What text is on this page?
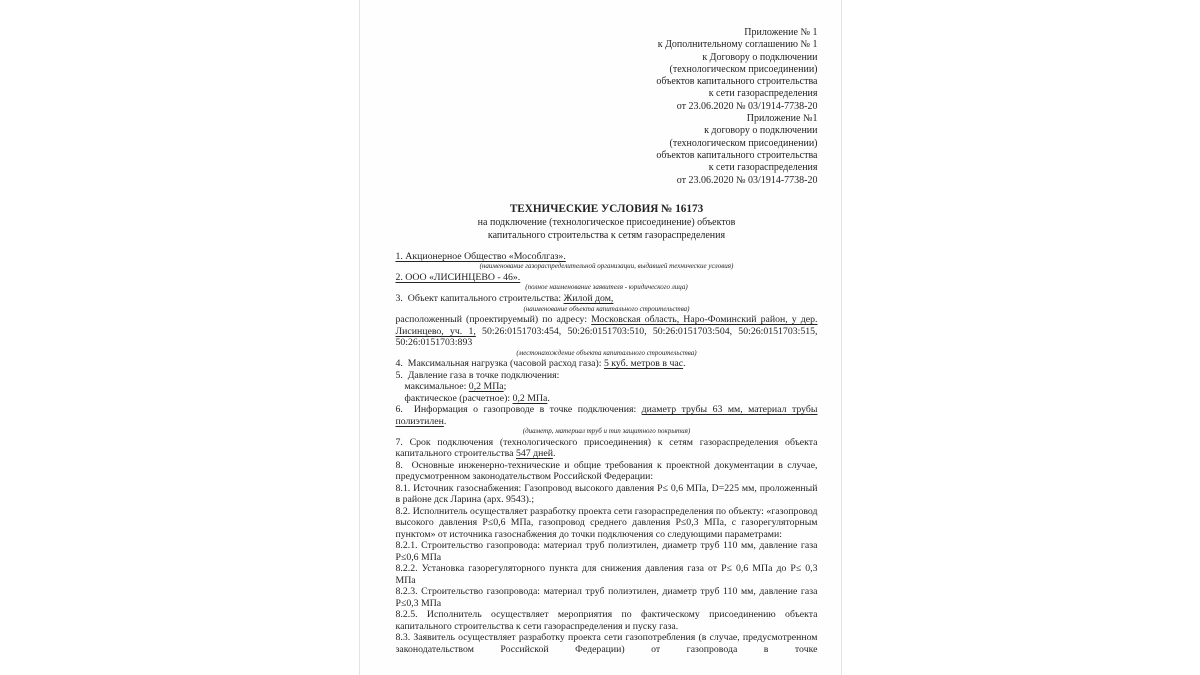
Приложение № 1
к Дополнительному соглашению № 1
к Договору о подключении
(технологическом присоединении)
объектов капитального строительства
к сети газораспределения
от 23.06.2020 № 03/1914-7738-20
Приложение №1
к договору о подключении
(технологическом присоединении)
объектов капитального строительства
к сети газораспределения
от 23.06.2020 № 03/1914-7738-20
ТЕХНИЧЕСКИЕ УСЛОВИЯ № 16173
на подключение (технологическое присоединение) объектов
капитального строительства к сетям газораспределения

1. Акционерное Общество «Мособлгаз».

(наименование газораспределительной организации, выдавшей технические условия)

2. ООО «ЛИСИНЦЕВО - 46».

(полное наименование заявителя - юридического лица)

3.  Объект капитального строительства: Жилой дом,

(наименование объекта капитального строительства)

расположенный (проектируемый) по адресу: Московская область, Наро-Фоминский район, у дер. Лисинцево, уч. 1, 50:26:0151703:454, 50:26:0151703:510, 50:26:0151703:504, 50:26:0151703:515, 50:26:0151703:893

(местонахождение объекта капитального строительства)

4.  Максимальная нагрузка (часовой расход газа): 5 куб. метров в час.

5.  Давление газа в точке подключения:

максимальное: 0,2 МПа;

фактическое (расчетное): 0,2 МПа.

6.  Информация о газопроводе в точке подключения: диаметр трубы 63 мм, материал трубы полиэтилен.

(диаметр, материал труб и тип защитного покрытия)

7. Срок подключения (технологического присоединения) к сетям газораспределения объекта капитального строительства 547 дней.

8.  Основные инженерно-технические и общие требования к проектной документации в случае, предусмотренном законодательством Российской Федерации:

8.1. Источник газоснабжения: Газопровод высокого давления Р≤ 0,6 МПа, D=225 мм, проложенный в районе дск Ларина (арх. 9543).;

8.2. Исполнитель осуществляет разработку проекта сети газораспределения по объекту: «газопровод высокого давления Р≤0,6 МПа, газопровод среднего давления Р≤0,3 МПа, с газорегуляторным пунктом» от источника газоснабжения до точки подключения со следующими параметрами:

8.2.1. Строительство газопровода: материал труб полиэтилен, диаметр труб 110 мм, давление газа Р≤0,6 МПа

8.2.2. Установка газорегуляторного пункта для снижения давления газа от Р≤ 0,6 МПа до Р≤ 0,3 МПа

8.2.3. Строительство газопровода: материал труб полиэтилен, диаметр труб 110 мм, давление газа Р≤0,3 МПа

8.2.5. Исполнитель осуществляет мероприятия по фактическому присоединению объекта капитального строительства к сети газораспределения и пуску газа.

8.3. Заявитель осуществляет разработку проекта сети газопотребления (в случае, предусмотренном законодательством Российской Федерации) от газопровода в точке
